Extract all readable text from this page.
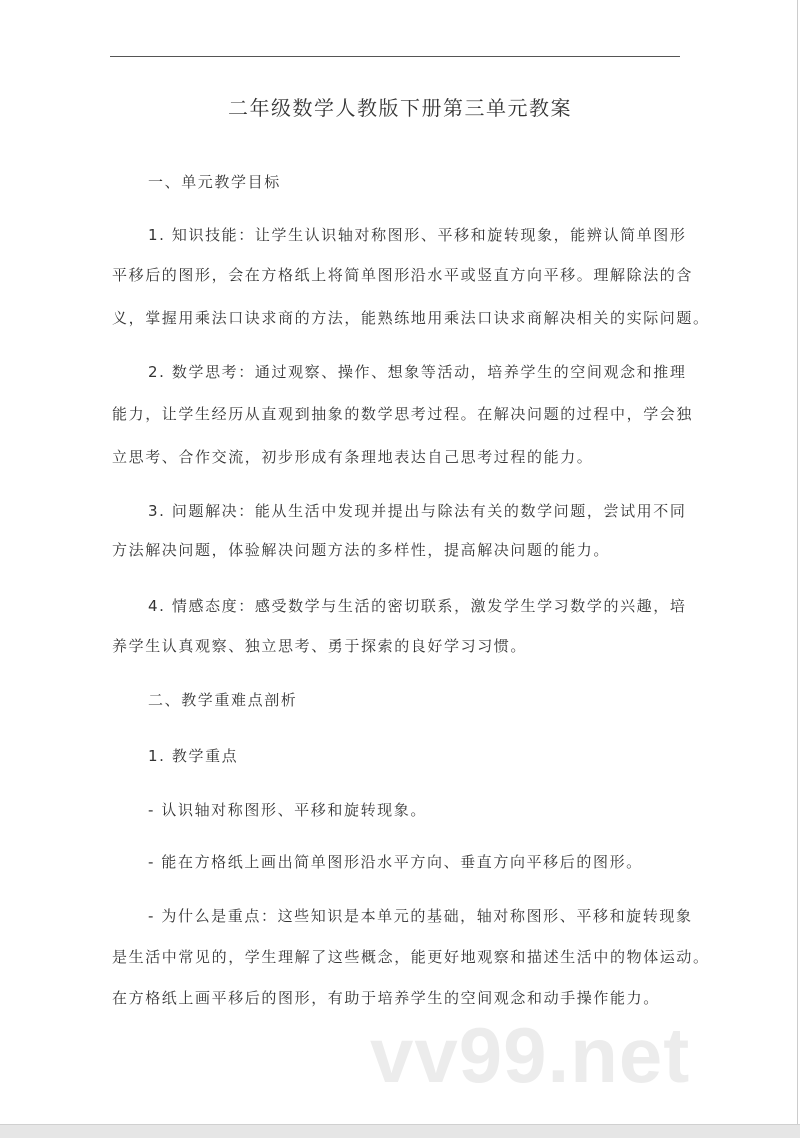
二年级数学人教版下册第三单元教案
一、单元教学目标
1. 知识技能：让学生认识轴对称图形、平移和旋转现象，能辨认简单图形
平移后的图形，会在方格纸上将简单图形沿水平或竖直方向平移。理解除法的含
义，掌握用乘法口诀求商的方法，能熟练地用乘法口诀求商解决相关的实际问题。
2. 数学思考：通过观察、操作、想象等活动，培养学生的空间观念和推理
能力，让学生经历从直观到抽象的数学思考过程。在解决问题的过程中，学会独
立思考、合作交流，初步形成有条理地表达自己思考过程的能力。
3. 问题解决：能从生活中发现并提出与除法有关的数学问题，尝试用不同
方法解决问题，体验解决问题方法的多样性，提高解决问题的能力。
4. 情感态度：感受数学与生活的密切联系，激发学生学习数学的兴趣，培
养学生认真观察、独立思考、勇于探索的良好学习习惯。
二、教学重难点剖析
1. 教学重点
- 认识轴对称图形、平移和旋转现象。
- 能在方格纸上画出简单图形沿水平方向、垂直方向平移后的图形。
- 为什么是重点：这些知识是本单元的基础，轴对称图形、平移和旋转现象
是生活中常见的，学生理解了这些概念，能更好地观察和描述生活中的物体运动。
在方格纸上画平移后的图形，有助于培养学生的空间观念和动手操作能力。
vv99.net
